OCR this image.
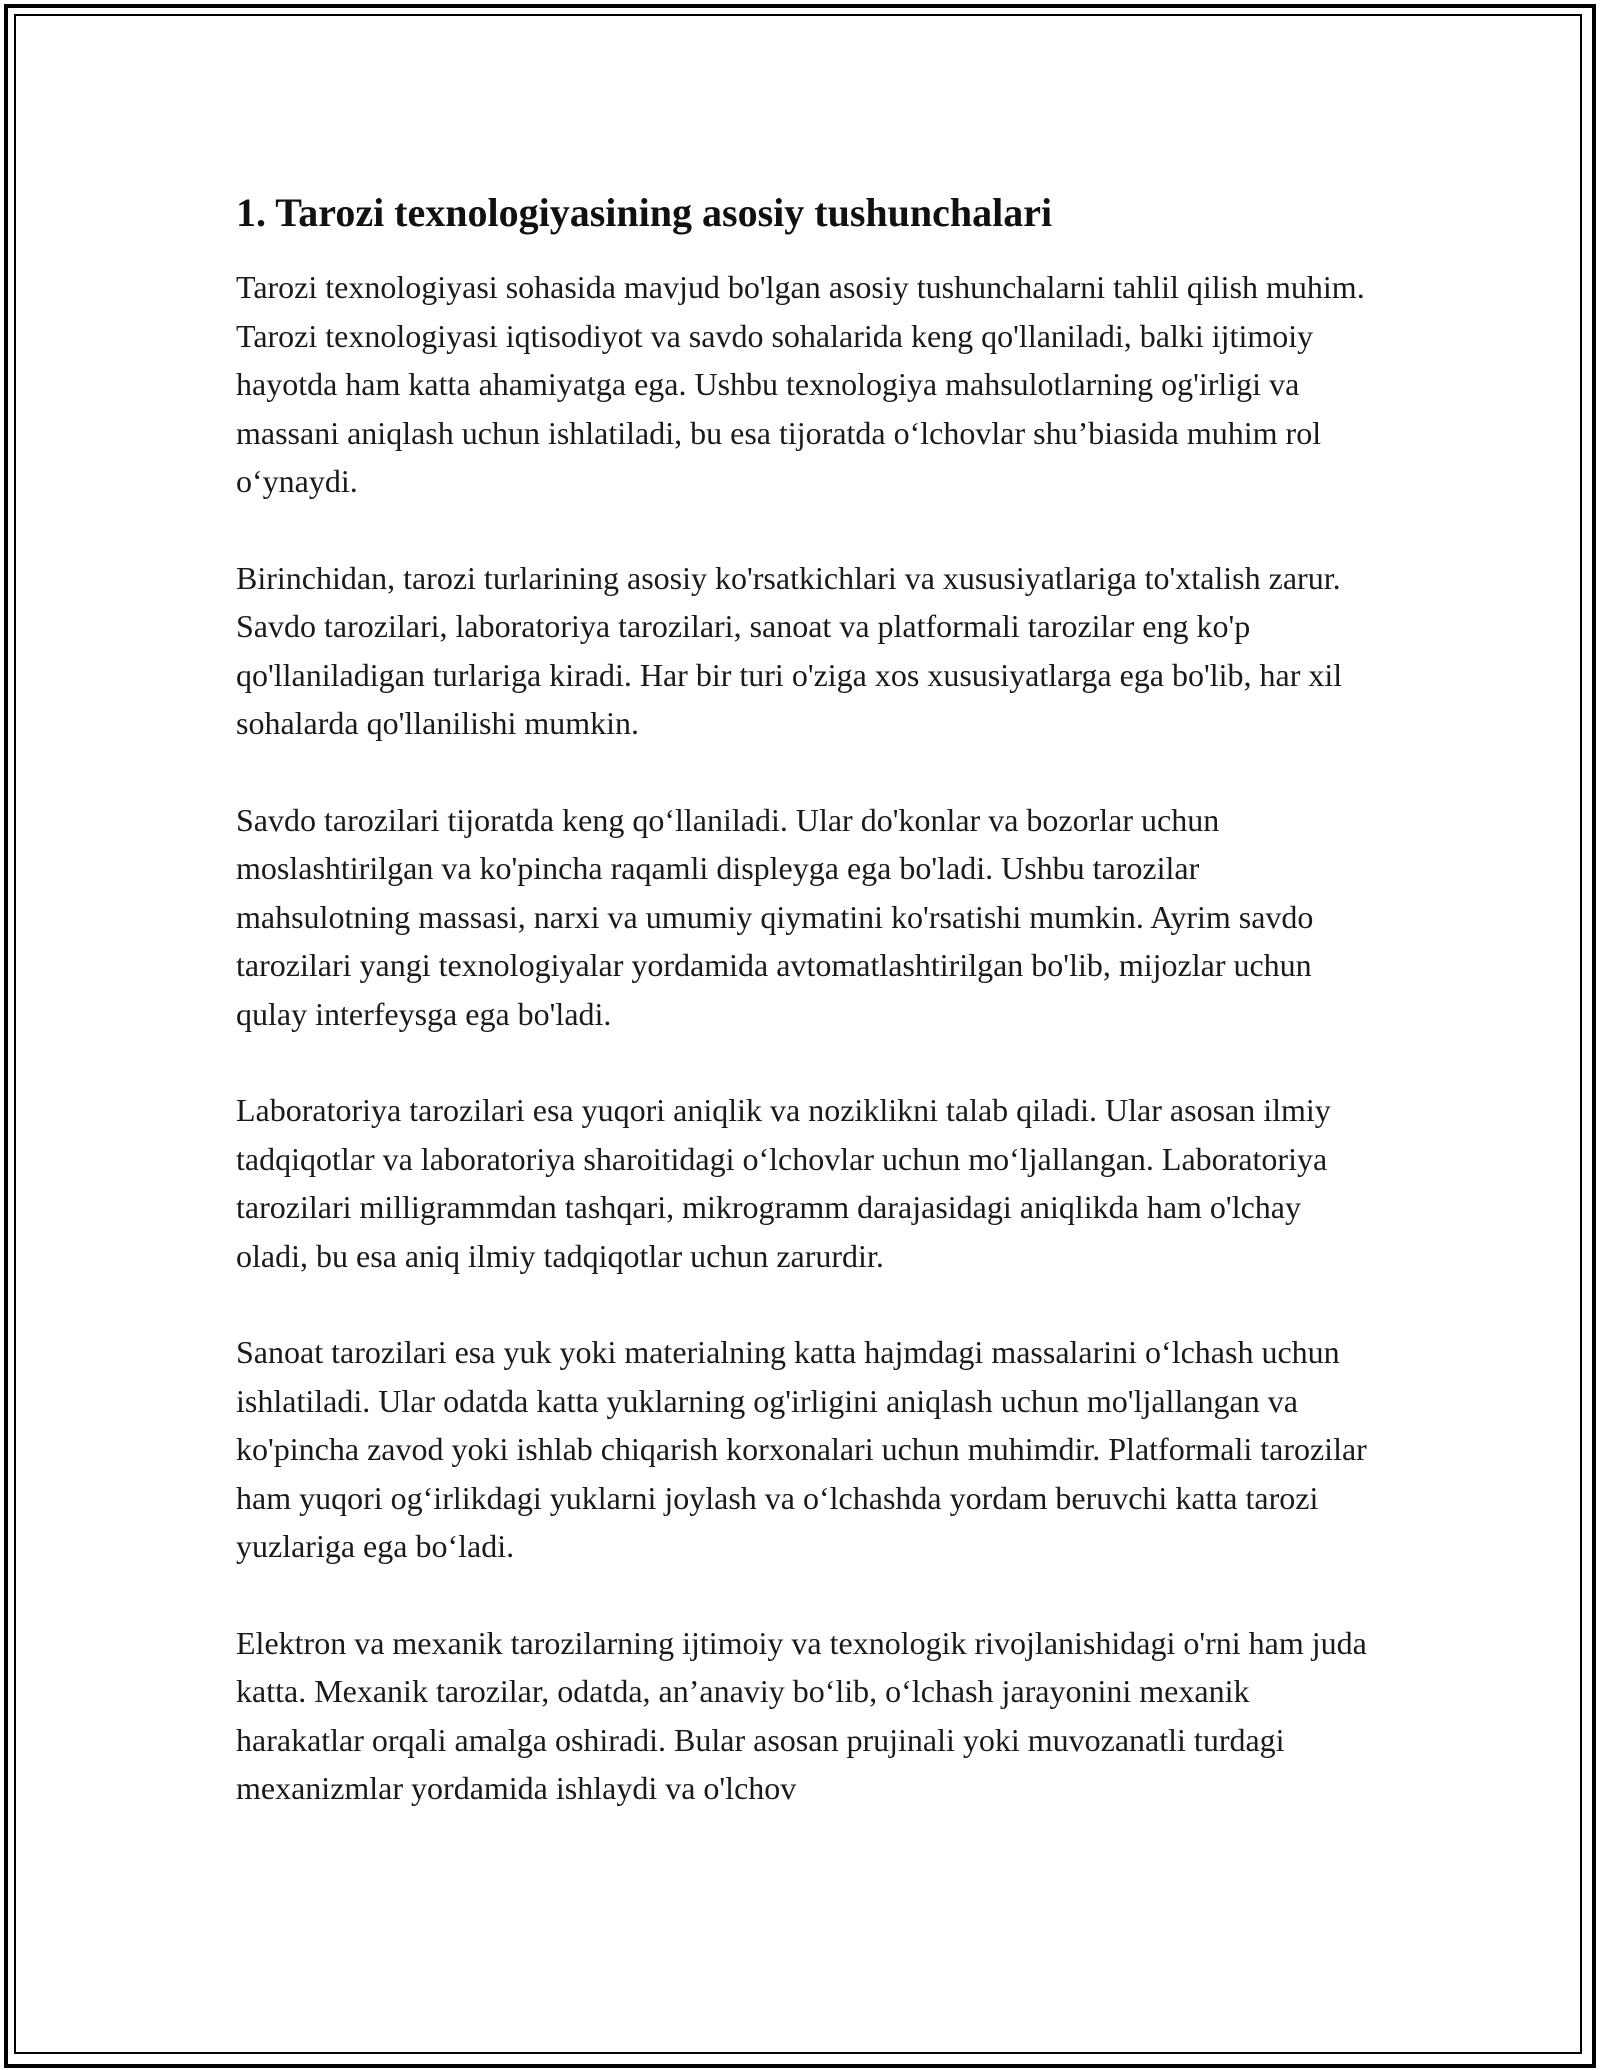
1. Tarozi texnologiyasining asosiy tushunchalari

Tarozi texnologiyasi sohasida mavjud bo'lgan asosiy tushunchalarni tahlil qilish muhim. Tarozi texnologiyasi iqtisodiyot va savdo sohalarida keng qo'llaniladi, balki ijtimoiy hayotda ham katta ahamiyatga ega. Ushbu texnologiya mahsulotlarning og'irligi va massani aniqlash uchun ishlatiladi, bu esa tijoratda o‘lchovlar shu’biasida muhim rol o‘ynaydi.

Birinchidan, tarozi turlarining asosiy ko'rsatkichlari va xususiyatlariga to'xtalish zarur. Savdo tarozilari, laboratoriya tarozilari, sanoat va platformali tarozilar eng ko'p qo'llaniladigan turlariga kiradi. Har bir turi o'ziga xos xususiyatlarga ega bo'lib, har xil sohalarda qo'llanilishi mumkin.

Savdo tarozilari tijoratda keng qo‘llaniladi. Ular do'konlar va bozorlar uchun moslashtirilgan va ko'pincha raqamli displeyga ega bo'ladi. Ushbu tarozilar mahsulotning massasi, narxi va umumiy qiymatini ko'rsatishi mumkin. Ayrim savdo tarozilari yangi texnologiyalar yordamida avtomatlashtirilgan bo'lib, mijozlar uchun qulay interfeysga ega bo'ladi.

Laboratoriya tarozilari esa yuqori aniqlik va noziklikni talab qiladi. Ular asosan ilmiy tadqiqotlar va laboratoriya sharoitidagi o‘lchovlar uchun mo‘ljallangan. Laboratoriya tarozilari milligrammdan tashqari, mikrogramm darajasidagi aniqlikda ham o'lchay oladi, bu esa aniq ilmiy tadqiqotlar uchun zarurdir.

Sanoat tarozilari esa yuk yoki materialning katta hajmdagi massalarini o‘lchash uchun ishlatiladi. Ular odatda katta yuklarning og'irligini aniqlash uchun mo'ljallangan va ko'pincha zavod yoki ishlab chiqarish korxonalari uchun muhimdir. Platformali tarozilar ham yuqori og‘irlikdagi yuklarni joylash va o‘lchashda yordam beruvchi katta tarozi yuzlariga ega bo‘ladi.

Elektron va mexanik tarozilarning ijtimoiy va texnologik rivojlanishidagi o'rni ham juda katta. Mexanik tarozilar, odatda, an’anaviy bo‘lib, o‘lchash jarayonini mexanik harakatlar orqali amalga oshiradi. Bular asosan prujinali yoki muvozanatli turdagi mexanizmlar yordamida ishlaydi va o'lchov
